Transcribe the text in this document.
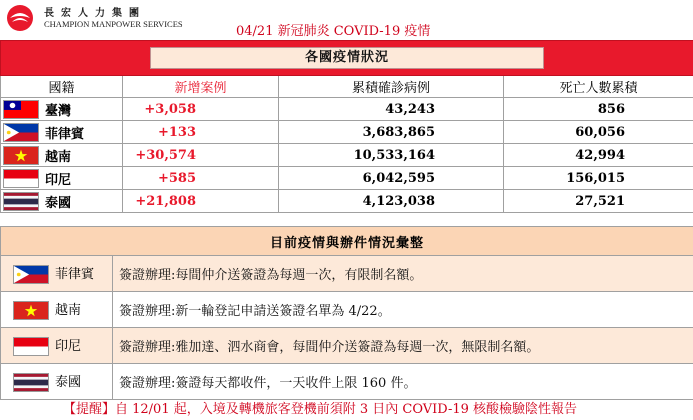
長宏人力集團
CHAMPION MANPOWER SERVICES	04/21 新冠肺炎 COVID-19 疫情
各國疫情狀況			

國籍	新增案例	累積確診病例	死亡人數累積
臺灣	+3,058	43,243	856
菲律賓	+133	3,683,865	60,056
越南	+30,574	10,533,164	42,994
印尼	+585	6,042,595	156,015
泰國	+21,808	4,123,038	27,521
目前疫情與辦件情況彙整	
菲律賓	簽證辦理:每間仲介送簽證為每週一次，有限制名額。
越南	簽證辦理:新一輪登記申請送簽證名單為 4/22。
印尼	簽證辦理:雅加達、泗水商會，每間仲介送簽證為每週一次，無限制名額。
泰國	簽證辦理:簽證每天都收件，一天收件上限 160 件。
【提醒】自 12/01 起，入境及轉機旅客登機前須附 3 日內 COVID-19 核酸檢驗陰性報告
